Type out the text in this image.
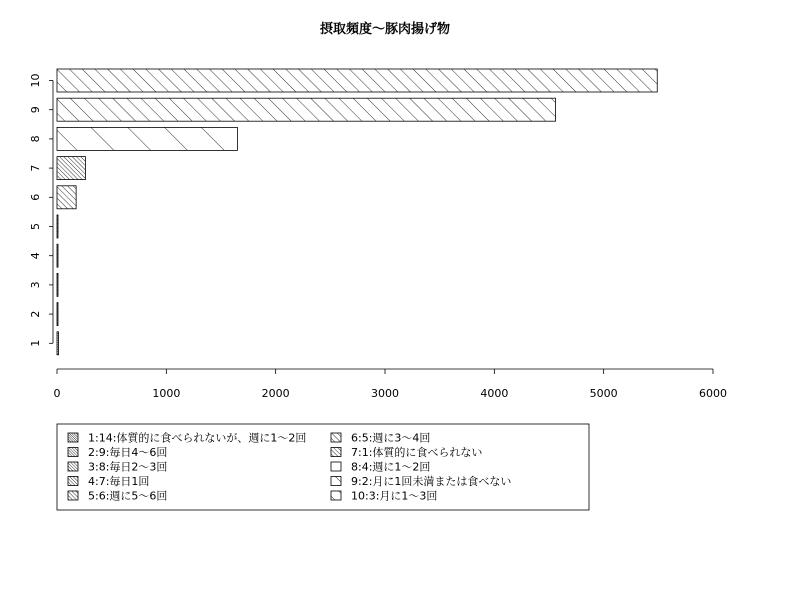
摂取頻度～豚肉揚げ物
1
2
3
4
5
6
7
8
9
10
0	1000	2000	3000	4000	5000	6000
1:14:体質的に食べられないが、週に1～2回
2:9:毎日4～6回
3:8:毎日2～3回
4:7:毎日1回
5:6:週に5～6回
6:5:週に3～4回
7:1:体質的に食べられない
8:4:週に1～2回
9:2:月に1回未満または食べない
10:3:月に1～3回
